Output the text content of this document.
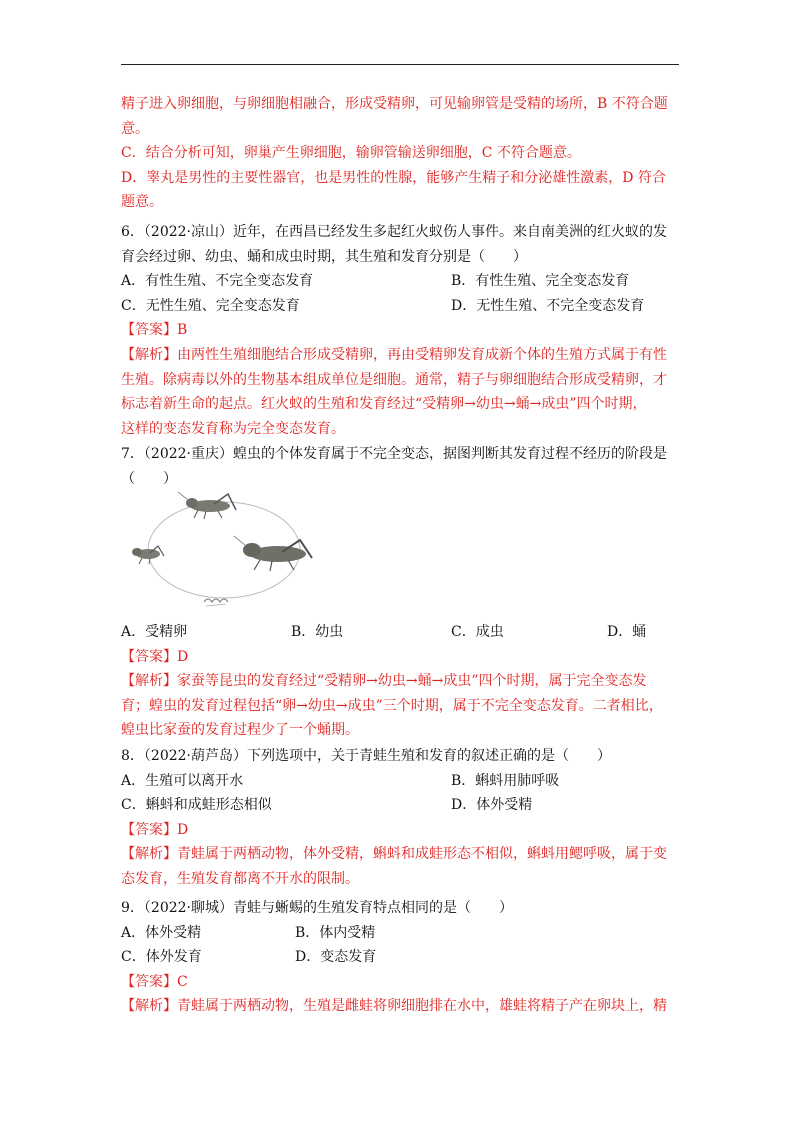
精子进入卵细胞，与卵细胞相融合，形成受精卵，可见输卵管是受精的场所，B 不符合题
意。
C．结合分析可知，卵巢产生卵细胞，输卵管输送卵细胞，C 不符合题意。
D．睾丸是男性的主要性器官，也是男性的性腺，能够产生精子和分泌雄性激素，D 符合
题意。
6．（2022·凉山）近年，在西昌已经发生多起红火蚁伤人事件。来自南美洲的红火蚁的发
育会经过卵、幼虫、蛹和成虫时期，其生殖和发育分别是（　　）
A．有性生殖、不完全变态发育	B．有性生殖、完全变态发育
C．无性生殖、完全变态发育	D．无性生殖、不完全变态发育
【答案】B
【解析】由两性生殖细胞结合形成受精卵，再由受精卵发育成新个体的生殖方式属于有性
生殖。除病毒以外的生物基本组成单位是细胞。通常，精子与卵细胞结合形成受精卵，才
标志着新生命的起点。红火蚁的生殖和发育经过“受精卵→幼虫→蛹→成虫”四个时期，
这样的变态发育称为完全变态发育。
7．（2022·重庆）蝗虫的个体发育属于不完全变态，据图判断其发育过程不经历的阶段是
（　　）
A．受精卵	B．幼虫	C．成虫	D．蛹
【答案】D
【解析】家蚕等昆虫的发育经过“受精卵→幼虫→蛹→成虫”四个时期，属于完全变态发
育；蝗虫的发育过程包括“卵→幼虫→成虫”三个时期，属于不完全变态发育。二者相比，
蝗虫比家蚕的发育过程少了一个蛹期。
8．（2022·葫芦岛）下列选项中，关于青蛙生殖和发育的叙述正确的是（　　）
A．生殖可以离开水	B．蝌蚪用肺呼吸
C．蝌蚪和成蛙形态相似	D．体外受精
【答案】D
【解析】青蛙属于两栖动物，体外受精，蝌蚪和成蛙形态不相似，蝌蚪用鳃呼吸，属于变
态发育，生殖发育都离不开水的限制。
9．（2022·聊城）青蛙与蜥蜴的生殖发育特点相同的是（　　）
A．体外受精	B．体内受精
C．体外发育	D．变态发育
【答案】C
【解析】青蛙属于两栖动物，生殖是雌蛙将卵细胞排在水中，雄蛙将精子产在卵块上，精
